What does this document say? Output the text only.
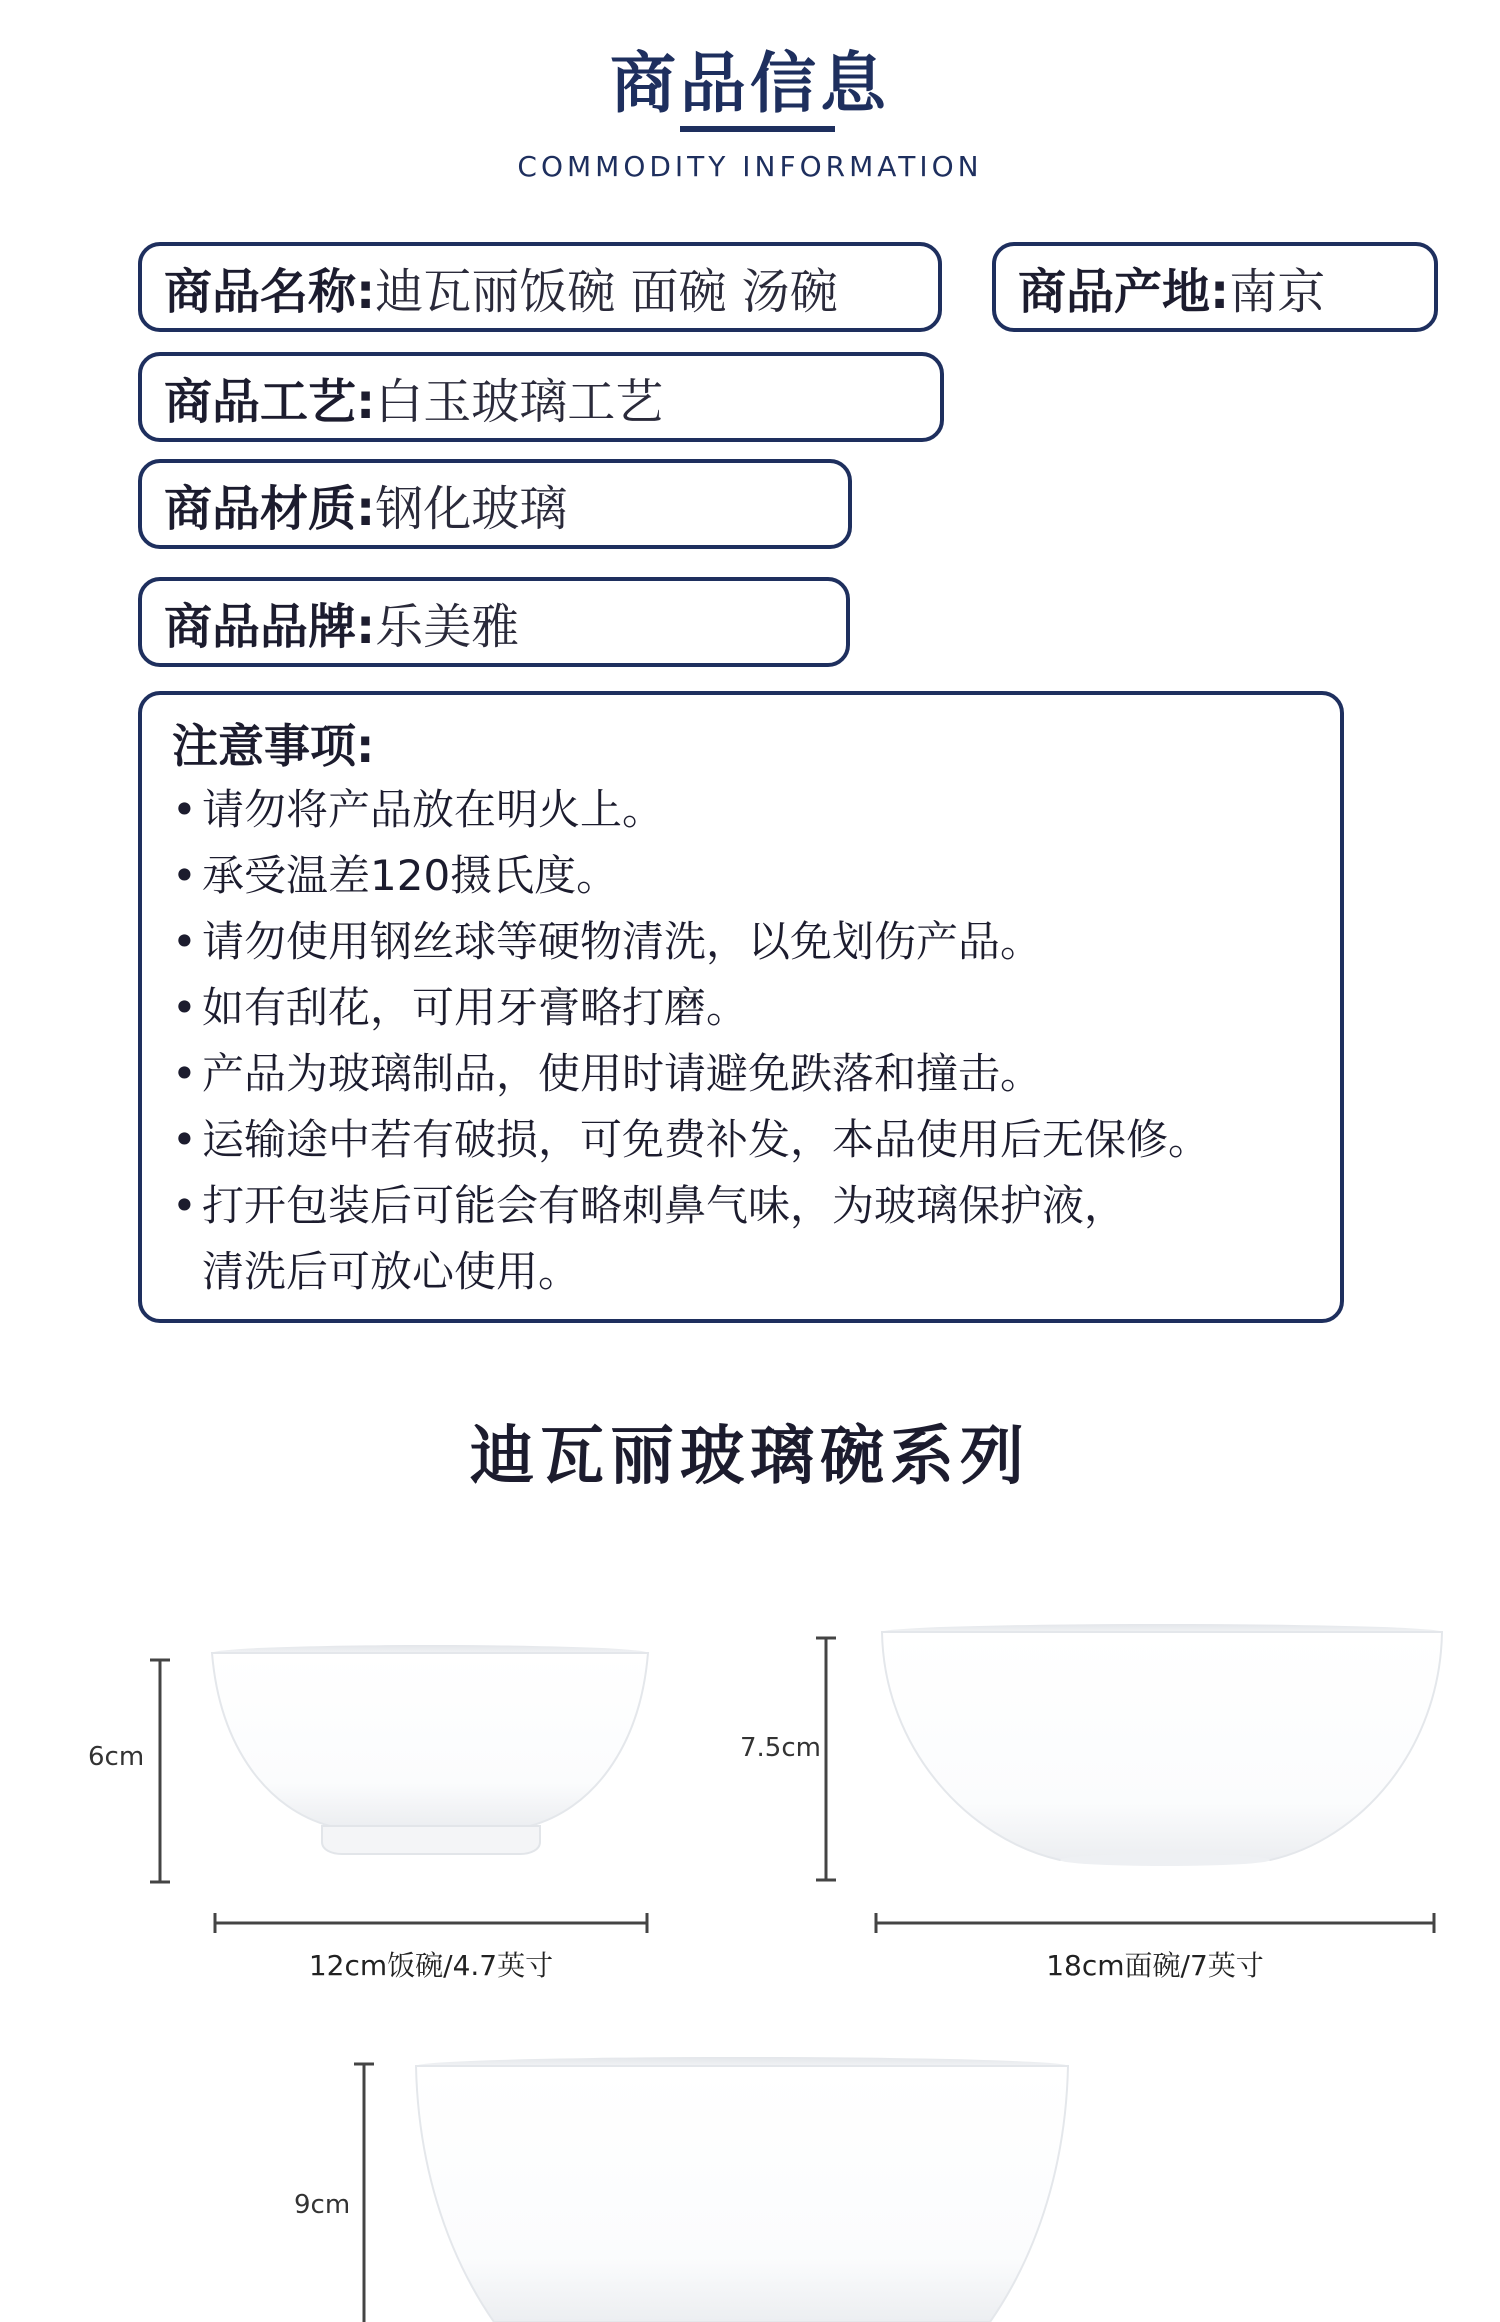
商品信息
COMMODITY INFORMATION
商品名称: 迪瓦丽饭碗 面碗 汤碗	商品产地: 南京
商品工艺: 白玉玻璃工艺
商品材质: 钢化玻璃
商品品牌: 乐美雅
注意事项:
• 请勿将产品放在明火上。
• 承受温差120摄氏度。
• 请勿使用钢丝球等硬物清洗，以免划伤产品。
• 如有刮花，可用牙膏略打磨。
• 产品为玻璃制品，使用时请避免跌落和撞击。
• 运输途中若有破损，可免费补发，本品使用后无保修。
• 打开包装后可能会有略刺鼻气味，为玻璃保护液，
清洗后可放心使用。
迪瓦丽玻璃碗系列
6cm
12cm饭碗/4.7英寸
7.5cm
18cm面碗/7英寸
9cm
